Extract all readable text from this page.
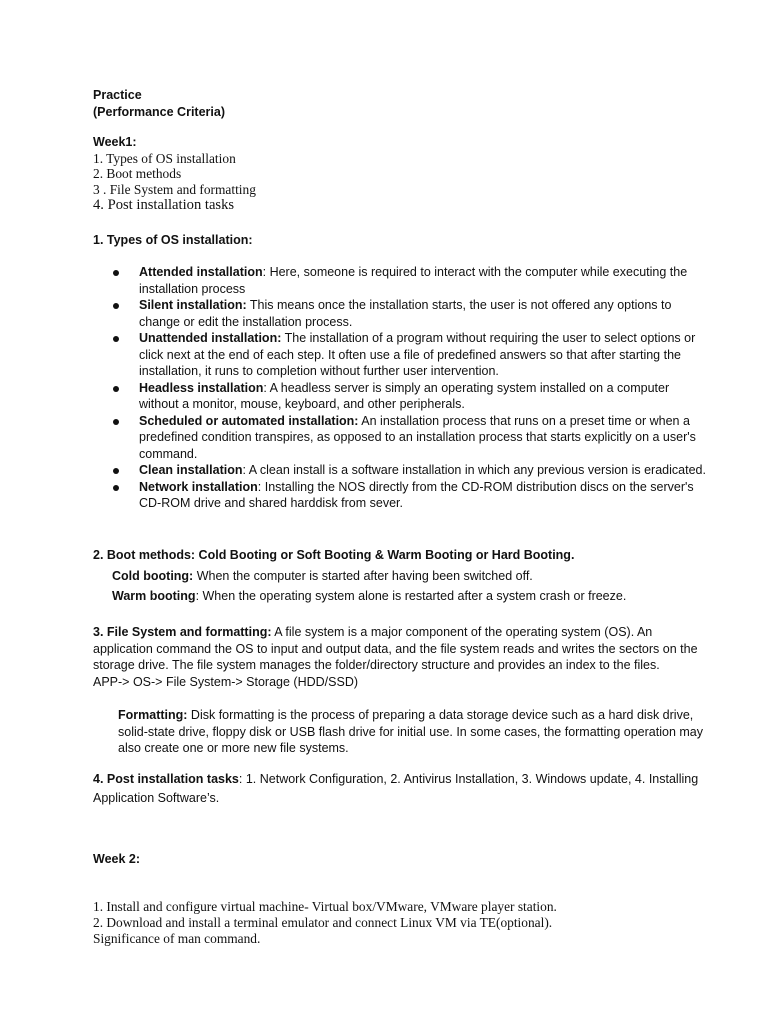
Practice
(Performance Criteria)
Week1:
1. Types of OS installation
2. Boot methods
3 . File System and formatting
4. Post installation tasks
1. Types of OS installation:
Attended installation: Here, someone is required to interact with the computer while executing the installation process
Silent installation: This means once the installation starts, the user is not offered any options to change or edit the installation process.
Unattended installation: The installation of a program without requiring the user to select options or click next at the end of each step. It often use a file of predefined answers so that after starting the installation, it runs to completion without further user intervention.
Headless installation: A headless server is simply an operating system installed on a computer without a monitor, mouse, keyboard, and other peripherals.
Scheduled or automated installation: An installation process that runs on a preset time or when a predefined condition transpires, as opposed to an installation process that starts explicitly on a user's command.
Clean installation: A clean install is a software installation in which any previous version is eradicated.
Network installation: Installing the NOS directly from the CD-ROM distribution discs on the server's CD-ROM drive and shared harddisk from sever.
2. Boot methods: Cold Booting or Soft Booting & Warm Booting or Hard Booting.
Cold booting: When the computer is started after having been switched off.
Warm booting: When the operating system alone is restarted after a system crash or freeze.
3. File System and formatting: A file system is a major component of the operating system (OS). An application command the OS to input and output data, and the file system reads and writes the sectors on the storage drive. The file system manages the folder/directory structure and provides an index to the files.
APP-> OS-> File System-> Storage (HDD/SSD)
Formatting: Disk formatting is the process of preparing a data storage device such as a hard disk drive, solid-state drive, floppy disk or USB flash drive for initial use. In some cases, the formatting operation may also create one or more new file systems.
4. Post installation tasks: 1. Network Configuration, 2. Antivirus Installation, 3. Windows update, 4. Installing Application Software’s.
Week 2:
1. Install and configure virtual machine- Virtual box/VMware, VMware player station.
2. Download and install a terminal emulator and connect Linux VM via TE(optional).
Significance of man command.
